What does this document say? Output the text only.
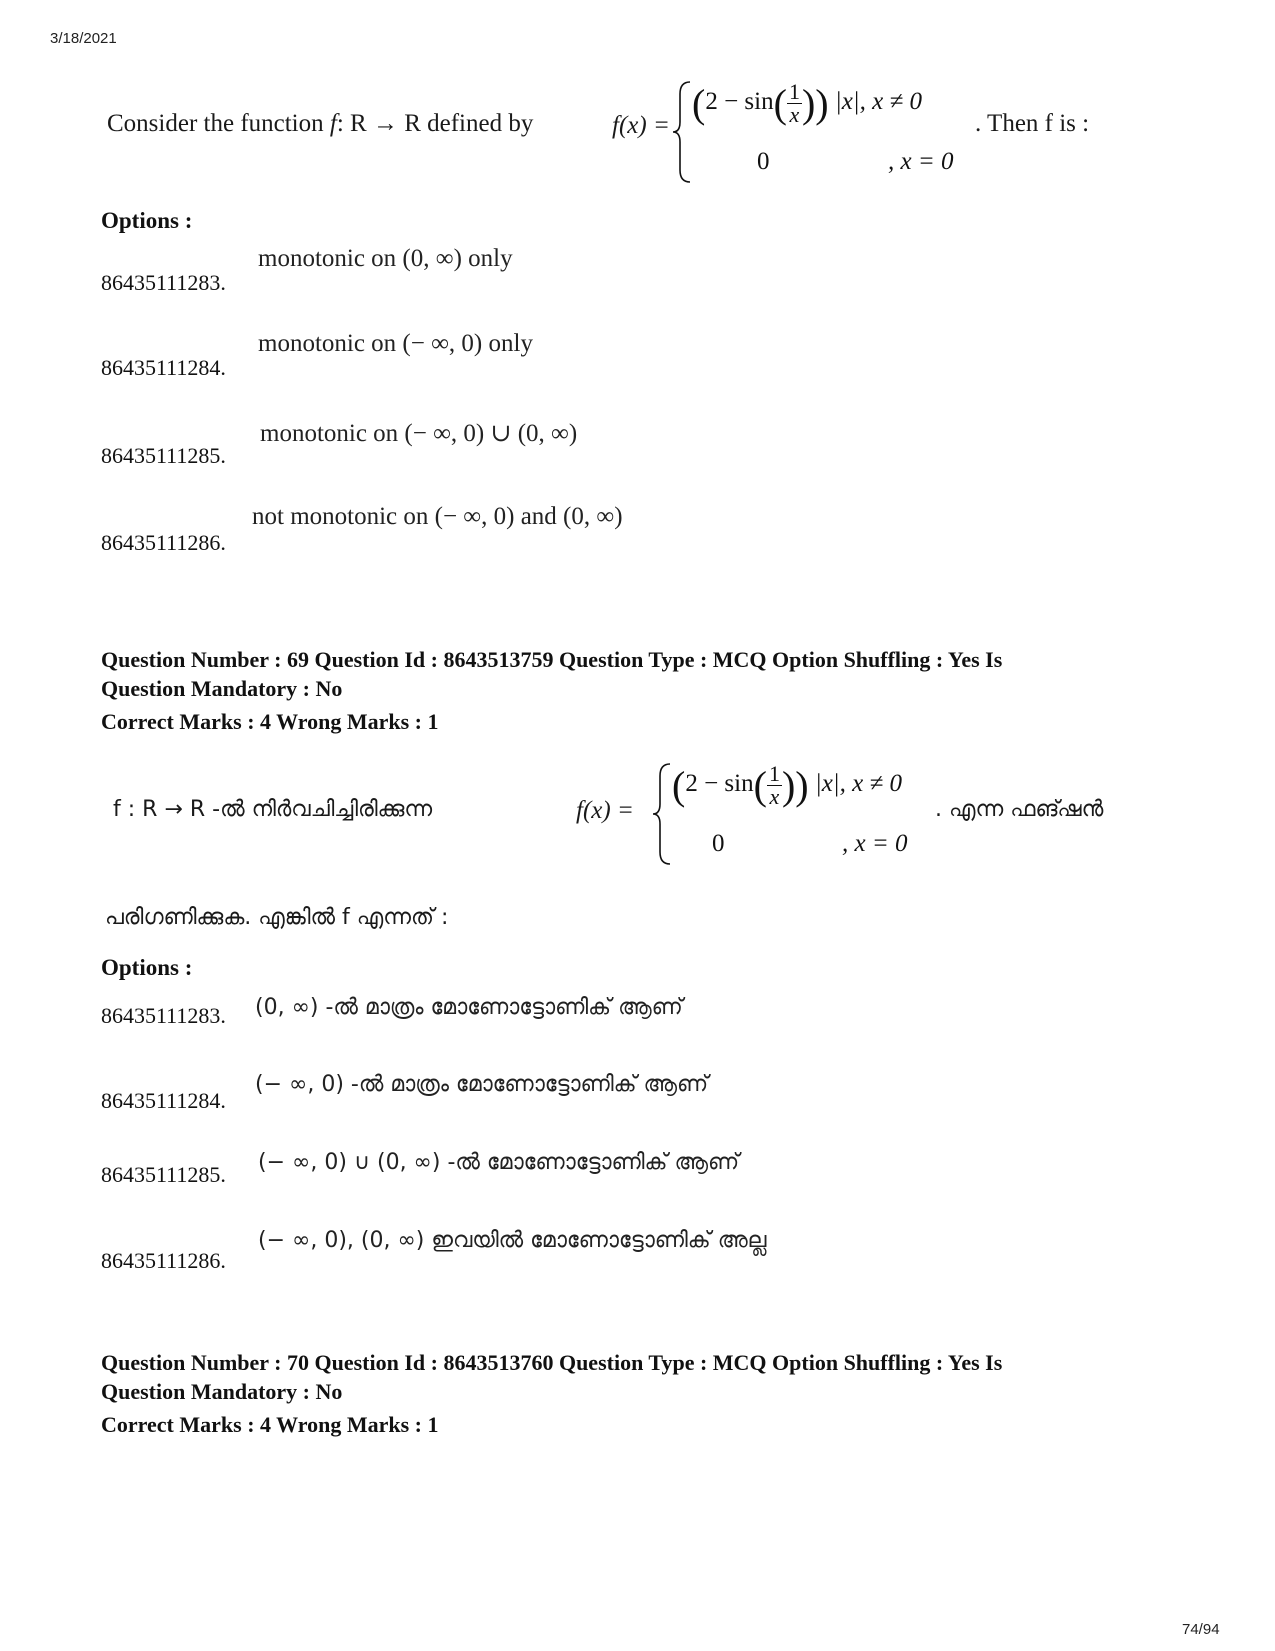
3/18/2021
Consider the function f: R → R defined by	$f(x) = (2 - \sin( \frac{1}{x}$ )) |x|, x ≠ 0
0	, x = 0
. Then f is :
Options :
86435111283.
monotonic on (0, ∞) only
86435111284.
monotonic on (− ∞, 0) only
86435111285.
monotonic on (− ∞, 0) ∪ (0, ∞)
86435111286.
not monotonic on (− ∞, 0) and (0, ∞)
Question Number : 69 Question Id : 8643513759 Question Type : MCQ Option Shuffling : Yes Is
Question Mandatory : No
Correct Marks : 4 Wrong Marks : 1
f : R → R -ൽ നിർവചിച്ചിരിക്കുന്ന	f(x) =
($2 - \sin( \frac{1}{x}$ )) |x|, x ≠ 0
0	, x = 0
. എന്ന ഫങ്ഷൻ
പരിഗണിക്കുക. എങ്കിൽ f എന്നത് :
Options :
86435111283. (0, ∞) -ൽ മാത്രം മോണോട്ടോണിക് ആണ്
86435111284.
(− ∞, 0) -ൽ മാത്രം മോണോട്ടോണിക് ആണ്
86435111285. (− ∞, 0) ∪ (0, ∞) -ൽ മോണോട്ടോണിക് ആണ്
86435111286.
(− ∞, 0), (0, ∞) ഇവയിൽ മോണോട്ടോണിക് അല്ല
Question Number : 70 Question Id : 8643513760 Question Type : MCQ Option Shuffling : Yes Is
Question Mandatory : No
Correct Marks : 4 Wrong Marks : 1
74/94
